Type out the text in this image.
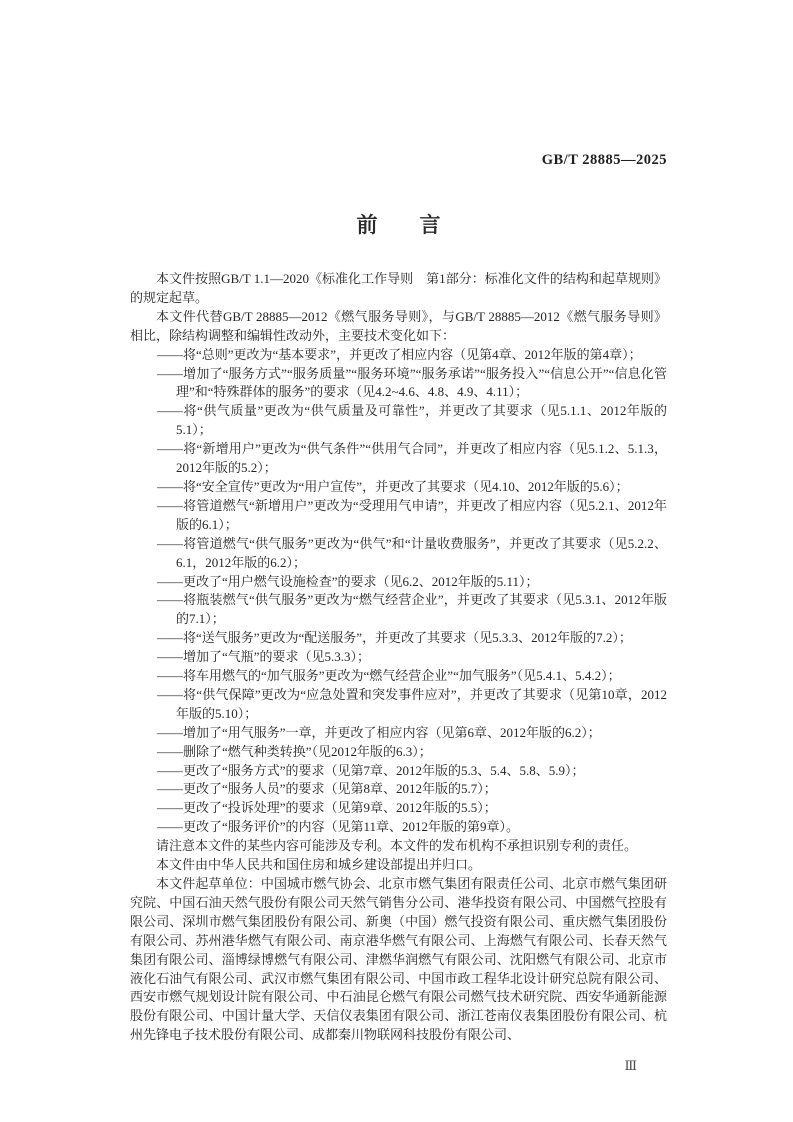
GB/T 28885—2025
前　　言

本文件按照GB/T 1.1—2020《标准化工作导则　第1部分：标准化文件的结构和起草规则》的规定起草。

本文件代替GB/T 28885—2012《燃气服务导则》，与GB/T 28885—2012《燃气服务导则》相比，除结构调整和编辑性改动外，主要技术变化如下：

——将“总则”更改为“基本要求”，并更改了相应内容（见第4章、2012年版的第4章）；

——增加了“服务方式”“服务质量”“服务环境”“服务承诺”“服务投入”“信息公开”“信息化管理”和“特殊群体的服务”的要求（见4.2~4.6、4.8、4.9、4.11）；

——将“供气质量”更改为“供气质量及可靠性”，并更改了其要求（见5.1.1、2012年版的5.1）；

——将“新增用户”更改为“供气条件”“供用气合同”，并更改了相应内容（见5.1.2、5.1.3，2012年版的5.2）；

——将“安全宣传”更改为“用户宣传”，并更改了其要求（见4.10、2012年版的5.6）；

——将管道燃气“新增用户”更改为“受理用气申请”，并更改了相应内容（见5.2.1、2012年版的6.1）；

——将管道燃气“供气服务”更改为“供气”和“计量收费服务”，并更改了其要求（见5.2.2、6.1，2012年版的6.2）；

——更改了“用户燃气设施检查”的要求（见6.2、2012年版的5.11）；

——将瓶装燃气“供气服务”更改为“燃气经营企业”，并更改了其要求（见5.3.1、2012年版的7.1）；

——将“送气服务”更改为“配送服务”，并更改了其要求（见5.3.3、2012年版的7.2）；

——增加了“气瓶”的要求（见5.3.3）；

——将车用燃气的“加气服务”更改为“燃气经营企业”“加气服务”（见5.4.1、5.4.2）；

——将“供气保障”更改为“应急处置和突发事件应对”，并更改了其要求（见第10章，2012年版的5.10）；

——增加了“用气服务”一章，并更改了相应内容（见第6章、2012年版的6.2）；

——删除了“燃气种类转换”（见2012年版的6.3）；

——更改了“服务方式”的要求（见第7章、2012年版的5.3、5.4、5.8、5.9）；

——更改了“服务人员”的要求（见第8章、2012年版的5.7）；

——更改了“投诉处理”的要求（见第9章、2012年版的5.5）；

——更改了“服务评价”的内容（见第11章、2012年版的第9章）。

请注意本文件的某些内容可能涉及专利。本文件的发布机构不承担识别专利的责任。

本文件由中华人民共和国住房和城乡建设部提出并归口。

本文件起草单位：中国城市燃气协会、北京市燃气集团有限责任公司、北京市燃气集团研究院、中国石油天然气股份有限公司天然气销售分公司、港华投资有限公司、中国燃气控股有限公司、深圳市燃气集团股份有限公司、新奥（中国）燃气投资有限公司、重庆燃气集团股份有限公司、苏州港华燃气有限公司、南京港华燃气有限公司、上海燃气有限公司、长春天然气集团有限公司、淄博绿博燃气有限公司、津燃华润燃气有限公司、沈阳燃气有限公司、北京市液化石油气有限公司、武汉市燃气集团有限公司、中国市政工程华北设计研究总院有限公司、西安市燃气规划设计院有限公司、中石油昆仑燃气有限公司燃气技术研究院、西安华通新能源股份有限公司、中国计量大学、天信仪表集团有限公司、浙江苍南仪表集团股份有限公司、杭州先锋电子技术股份有限公司、成都秦川物联网科技股份有限公司、

Ⅲ
